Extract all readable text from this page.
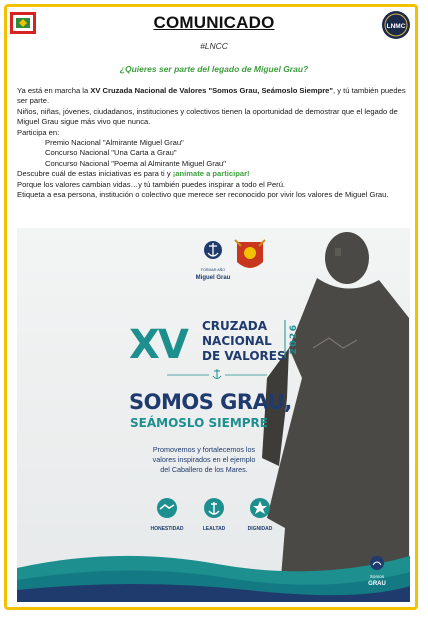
LNMC
COMUNICADO
#LNCC
¿Quieres ser parte del legado de Miguel Grau?

Ya está en marcha la XV Cruzada Nacional de Valores "Somos Grau, Seámoslo Siempre", y tú también puedes ser parte.

Niños, niñas, jóvenes, ciudadanos, instituciones y colectivos tienen la oportunidad de demostrar que el legado de Miguel Grau sigue más vivo que nunca.

Participa en:

Premio Nacional "Almirante Miguel Grau"

Concurso Nacional "Una Carta a Grau"

Concurso Nacional "Poema al Almirante Miguel Grau"

Descubre cuál de estas iniciativas es para ti y ¡anímate a participar!

Porque los valores cambian vidas…y tú también puedes inspirar a todo el Perú.

Etiqueta a esa persona, institución o colectivo que merece ser reconocido por vivir los valores de Miguel Grau.

FORMAR AÑO
Miguel Grau
XV CRUZADA
NACIONAL
DE VALORES
2026
SOMOS GRAU,
SEÁMOSLO SIEMPRE
Promovemos y fortalecemos los
valores inspirados en el ejemplo
del Caballero de los Mares.
HONESTIDAD	LEALTAD	DIGNIDAD
Somos
GRAU
